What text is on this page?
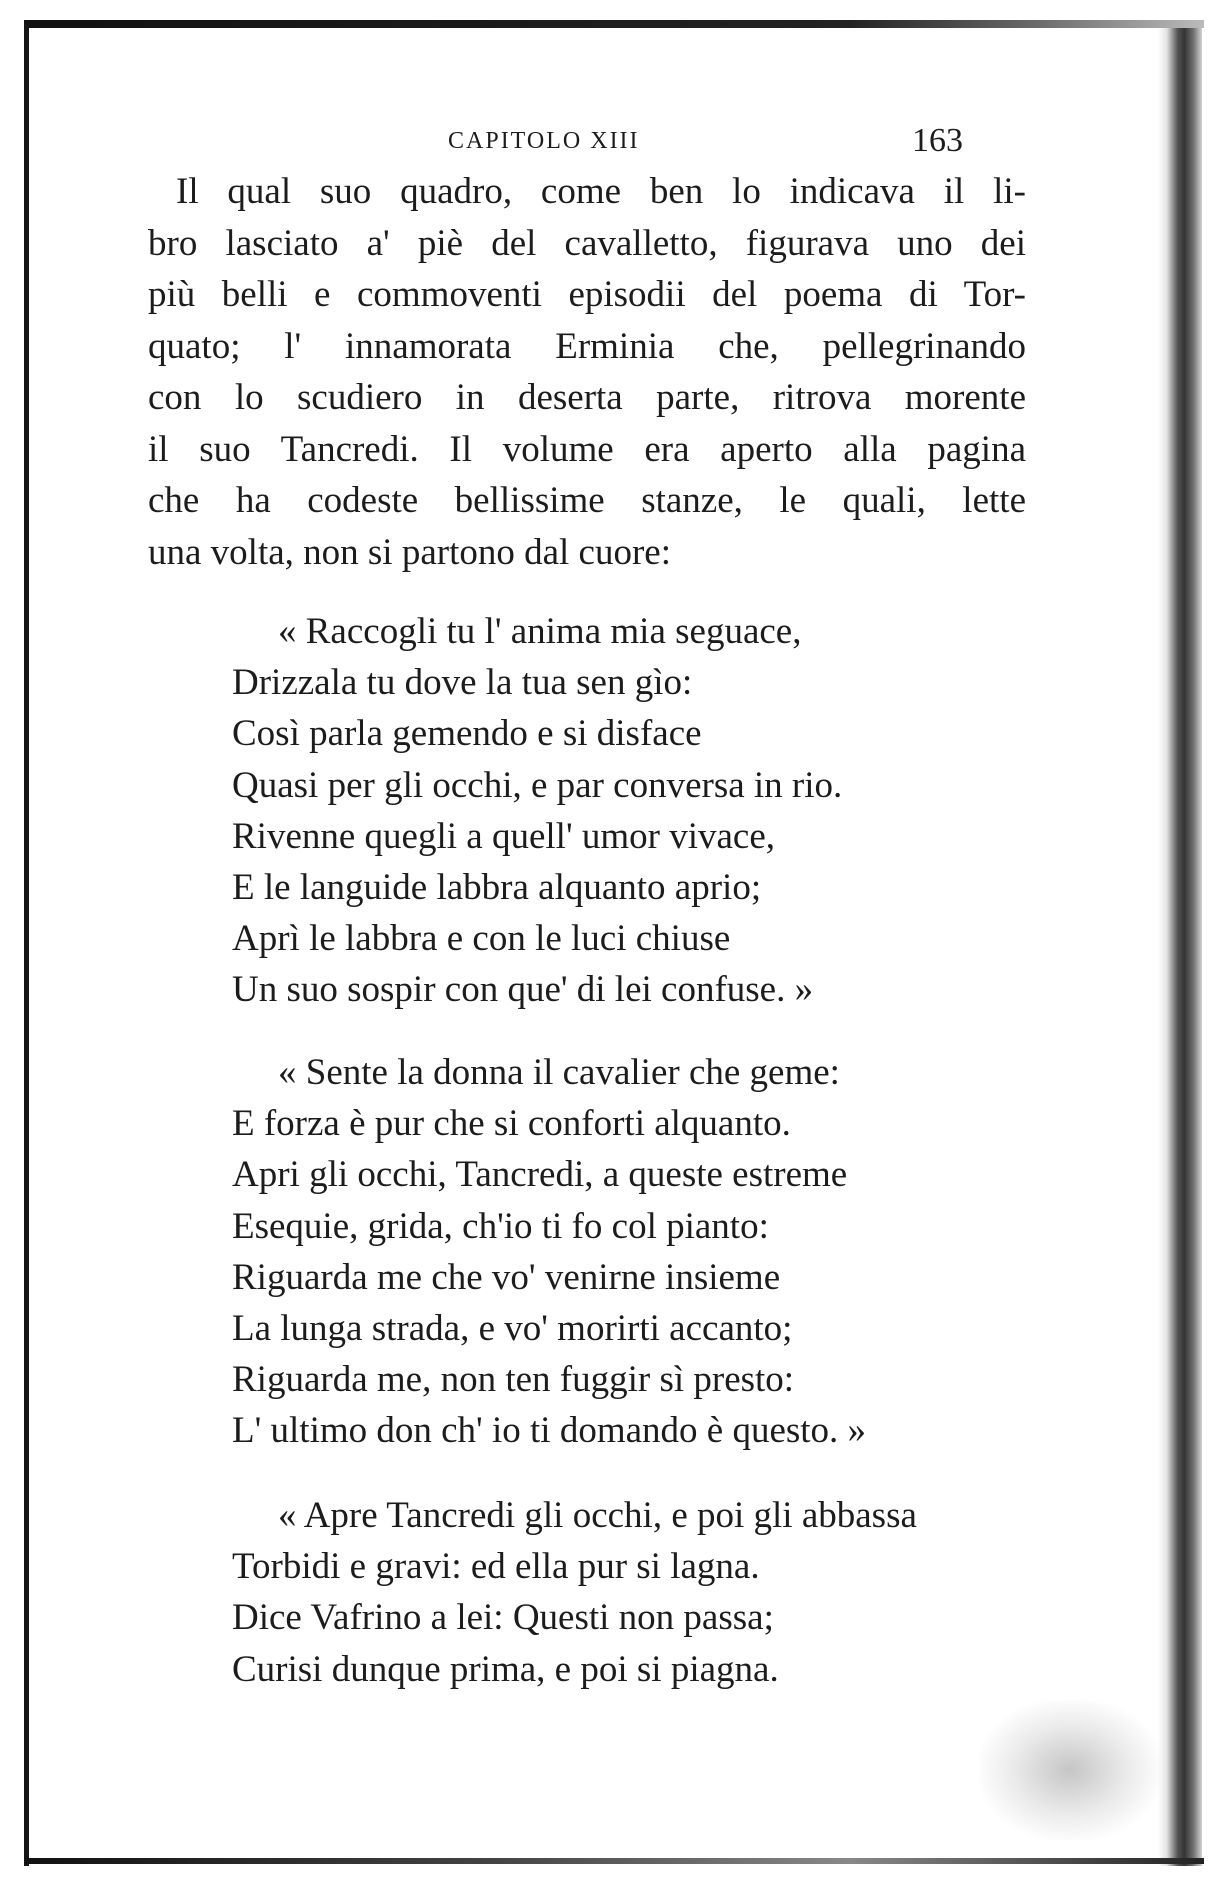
CAPITOLO XIII	163
Il qual suo quadro, come ben lo indicava il li-
bro lasciato a' piè del cavalletto, figurava uno dei
più belli e commoventi episodii del poema di Tor-
quato; l' innamorata Erminia che, pellegrinando
con lo scudiero in deserta parte, ritrova morente
il suo Tancredi. Il volume era aperto alla pagina
che ha codeste bellissime stanze, le quali, lette
una volta, non si partono dal cuore:
« Raccogli tu l' anima mia seguace,
Drizzala tu dove la tua sen gìo:
Così parla gemendo e si disface
Quasi per gli occhi, e par conversa in rio.
Rivenne quegli a quell' umor vivace,
E le languide labbra alquanto aprio;
Aprì le labbra e con le luci chiuse
Un suo sospir con que' di lei confuse. »
« Sente la donna il cavalier che geme:
E forza è pur che si conforti alquanto.
Apri gli occhi, Tancredi, a queste estreme
Esequie, grida, ch'io ti fo col pianto:
Riguarda me che vo' venirne insieme
La lunga strada, e vo' morirti accanto;
Riguarda me, non ten fuggir sì presto:
L' ultimo don ch' io ti domando è questo. »
« Apre Tancredi gli occhi, e poi gli abbassa
Torbidi e gravi: ed ella pur si lagna.
Dice Vafrino a lei: Questi non passa;
Curisi dunque prima, e poi si piagna.
